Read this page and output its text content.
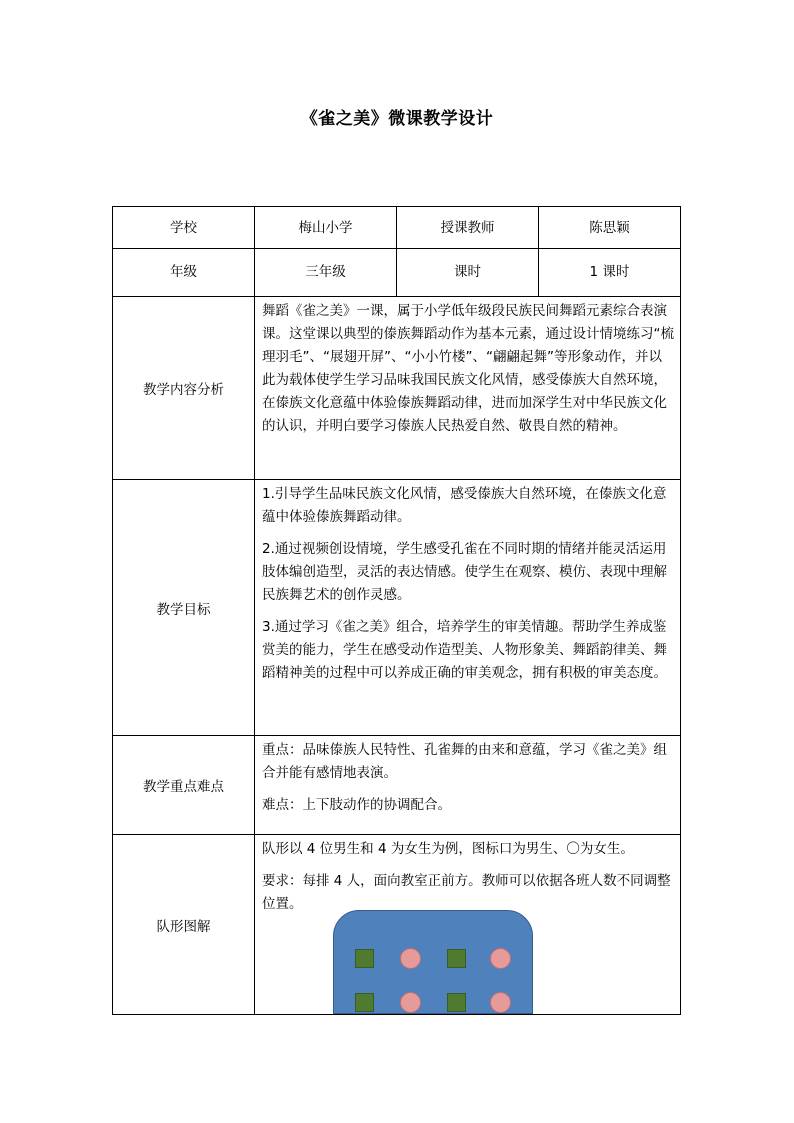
《雀之美》微课教学设计
学校	梅山小学	授课教师	陈思颖
年级	三年级	课时	1 课时
教学内容分析	舞蹈《雀之美》一课，属于小学低年级段民族民间舞蹈元素综合表演课。这堂课以典型的傣族舞蹈动作为基本元素，通过设计情境练习“梳理羽毛”、“展翅开屏”、“小小竹楼”、“翩翩起舞”等形象动作，并以此为载体使学生学习品味我国民族文化风情，感受傣族大自然环境，在傣族文化意蕴中体验傣族舞蹈动律，进而加深学生对中华民族文化的认识，并明白要学习傣族人民热爱自然、敬畏自然的精神。		
教学目标	1.引导学生品味民族文化风情，感受傣族大自然环境，在傣族文化意蕴中体验傣族舞蹈动律。

2.通过视频创设情境，学生感受孔雀在不同时期的情绪并能灵活运用肢体编创造型，灵活的表达情感。使学生在观察、模仿、表现中理解民族舞艺术的创作灵感。

3.通过学习《雀之美》组合，培养学生的审美情趣。帮助学生养成鉴赏美的能力，学生在感受动作造型美、人物形象美、舞蹈韵律美、舞蹈精神美的过程中可以养成正确的审美观念，拥有积极的审美态度。		

教学重点难点	重点：品味傣族人民特性、孔雀舞的由来和意蕴，学习《雀之美》组合并能有感情地表演。

难点：上下肢动作的协调配合。		

队形图解	队形以 4 位男生和 4 为女生为例，图标口为男生、〇为女生。

要求：每排 4 人，面向教室正前方。教师可以依据各班人数不同调整位置。		
